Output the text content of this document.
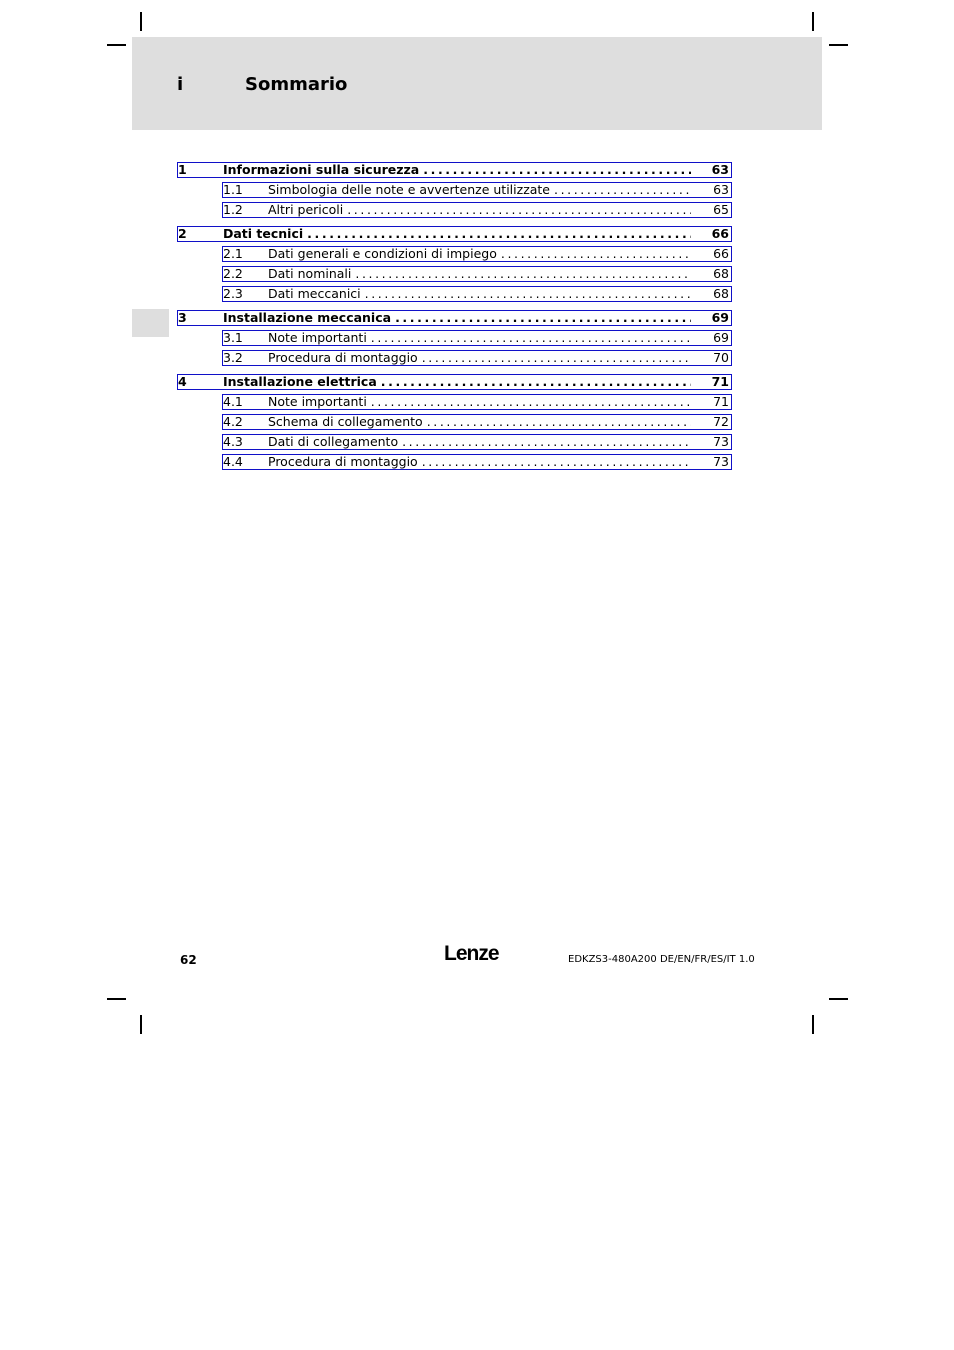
i	Sommario
1	Informazioni sulla sicurezza .....	63
1.1	Simbologia delle note e avvertenze utilizzate .....	63
1.2	Altri pericoli .....	65
2	Dati tecnici .....	66
2.1	Dati generali e condizioni di impiego .....	66
2.2	Dati nominali .....	68
2.3	Dati meccanici .....	68
3	Installazione meccanica .....	69
3.1	Note importanti .....	69
3.2	Procedura di montaggio .....	70
4	Installazione elettrica .....	71
4.1	Note importanti .....	71
4.2	Schema di collegamento .....	72
4.3	Dati di collegamento .....	73
4.4	Procedura di montaggio .....	73
62	Lenze	EDKZS3-480A200 DE/EN/FR/ES/IT 1.0
